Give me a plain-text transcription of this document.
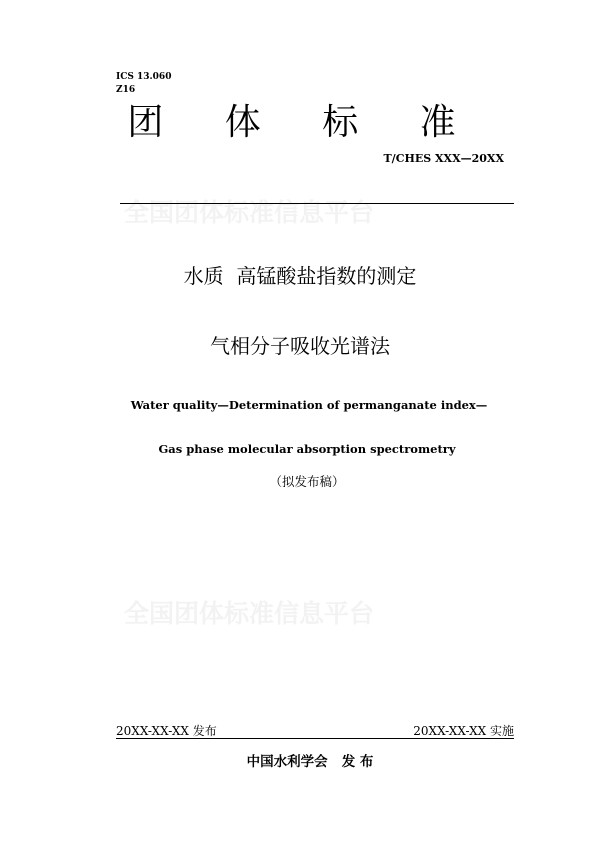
全国团体标准信息平台
全国团体标准信息平台
ICS 13.060
Z16
团 体 标 准
T/CHES XXX—20XX
水质  高锰酸盐指数的测定
气相分子吸收光谱法
Water quality—Determination of permanganate index—
Gas phase molecular absorption spectrometry
（拟发布稿）
20XX-XX-XX 发布	20XX-XX-XX 实施
中国水利学会   发 布
